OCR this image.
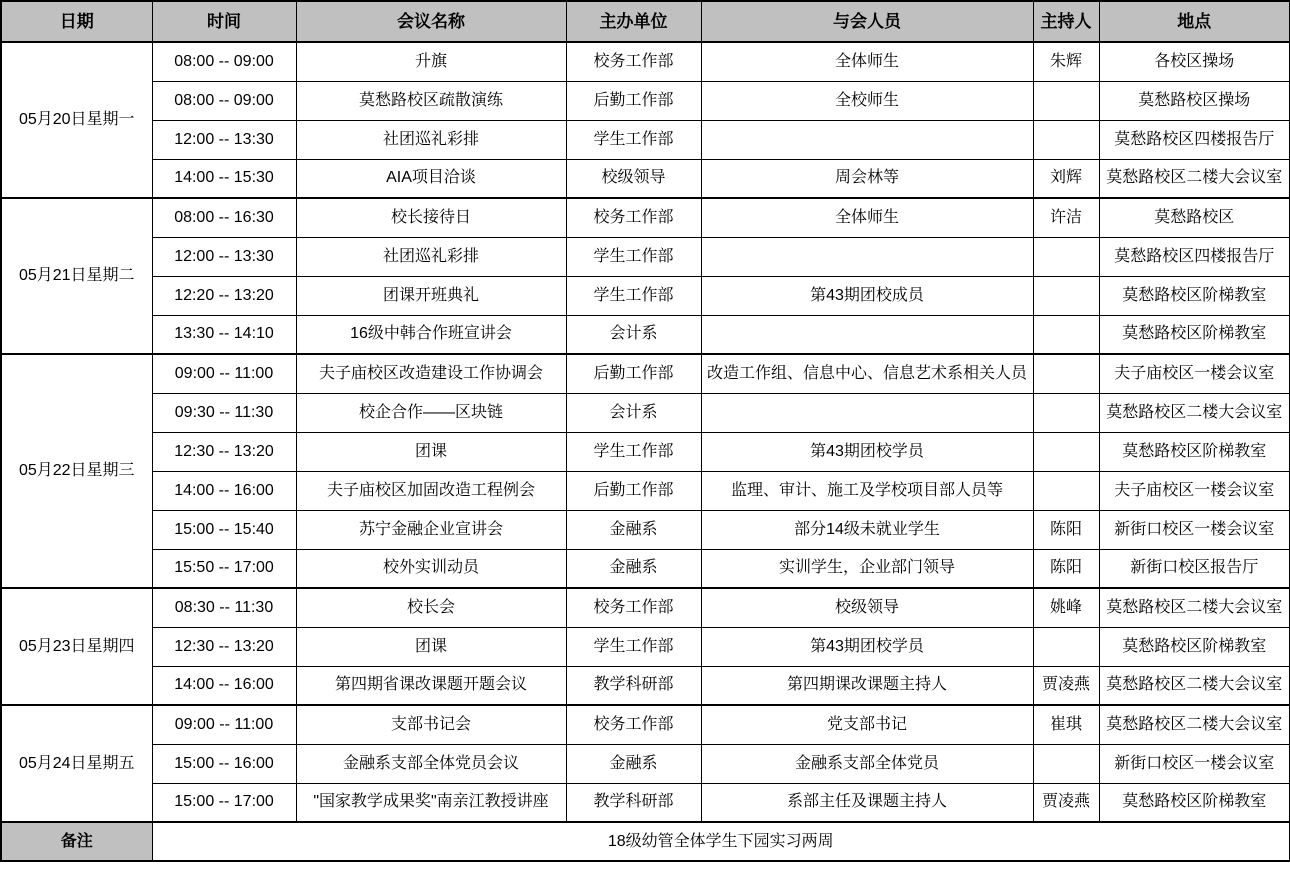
日期	时间	会议名称	主办单位	与会人员	主持人	地点
05月20日星期一	08:00 -- 09:00	升旗	校务工作部	全体师生	朱辉	各校区操场
	08:00 -- 09:00	莫愁路校区疏散演练	后勤工作部	全校师生		莫愁路校区操场
	12:00 -- 13:30	社团巡礼彩排	学生工作部			莫愁路校区四楼报告厅
	14:00 -- 15:30	AIA项目洽谈	校级领导	周会林等	刘辉	莫愁路校区二楼大会议室
05月21日星期二	08:00 -- 16:30	校长接待日	校务工作部	全体师生	许洁	莫愁路校区
	12:00 -- 13:30	社团巡礼彩排	学生工作部			莫愁路校区四楼报告厅
	12:20 -- 13:20	团课开班典礼	学生工作部	第43期团校成员		莫愁路校区阶梯教室
	13:30 -- 14:10	16级中韩合作班宣讲会	会计系			莫愁路校区阶梯教室
05月22日星期三	09:00 -- 11:00	夫子庙校区改造建设工作协调会	后勤工作部	改造工作组、信息中心、信息艺术系相关人员		夫子庙校区一楼会议室
	09:30 -- 11:30	校企合作——区块链	会计系			莫愁路校区二楼大会议室
	12:30 -- 13:20	团课	学生工作部	第43期团校学员		莫愁路校区阶梯教室
	14:00 -- 16:00	夫子庙校区加固改造工程例会	后勤工作部	监理、审计、施工及学校项目部人员等		夫子庙校区一楼会议室
	15:00 -- 15:40	苏宁金融企业宣讲会	金融系	部分14级未就业学生	陈阳	新街口校区一楼会议室
	15:50 -- 17:00	校外实训动员	金融系	实训学生，企业部门领导	陈阳	新街口校区报告厅
05月23日星期四	08:30 -- 11:30	校长会	校务工作部	校级领导	姚峰	莫愁路校区二楼大会议室
	12:30 -- 13:20	团课	学生工作部	第43期团校学员		莫愁路校区阶梯教室
	14:00 -- 16:00	第四期省课改课题开题会议	教学科研部	第四期课改课题主持人	贾凌燕	莫愁路校区二楼大会议室
05月24日星期五	09:00 -- 11:00	支部书记会	校务工作部	党支部书记	崔琪	莫愁路校区二楼大会议室
	15:00 -- 16:00	金融系支部全体党员会议	金融系	金融系支部全体党员		新街口校区一楼会议室
	15:00 -- 17:00	"国家教学成果奖"南亲江教授讲座	教学科研部	系部主任及课题主持人	贾凌燕	莫愁路校区阶梯教室
备注	18级幼管全体学生下园实习两周					
